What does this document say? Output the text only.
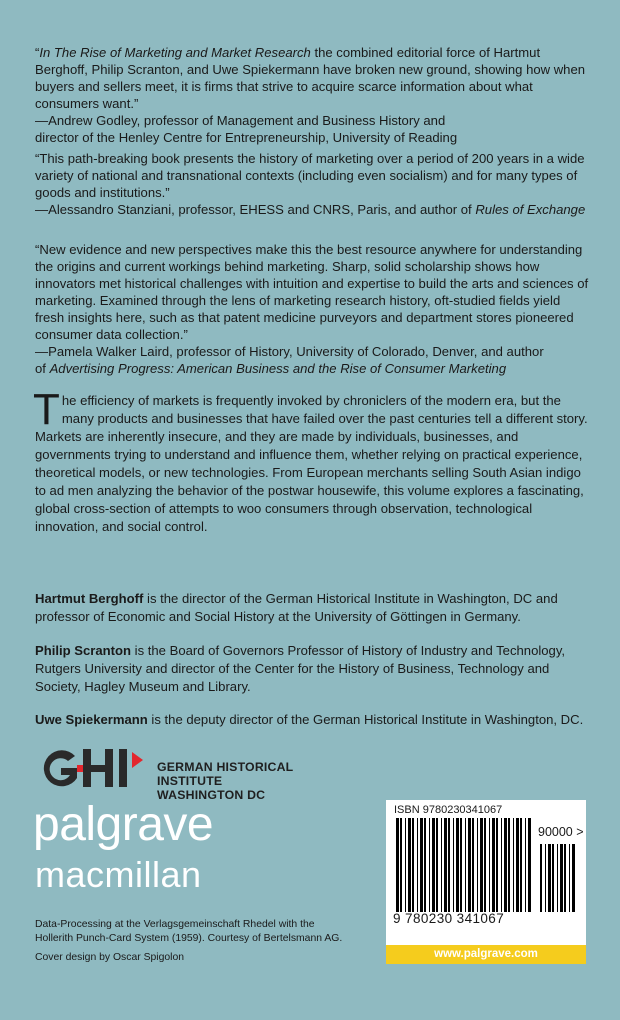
“In The Rise of Marketing and Market Research the combined editorial force of Hartmut Berghoff, Philip Scranton, and Uwe Spiekermann have broken new ground, showing how when buyers and sellers meet, it is firms that strive to acquire scarce information about what consumers want.”

—Andrew Godley, professor of Management and Business History and

director of the Henley Centre for Entrepreneurship, University of Reading

“This path-breaking book presents the history of marketing over a period of 200 years in a wide variety of national and transnational contexts (including even socialism) and for many types of goods and institutions.”

—Alessandro Stanziani, professor, EHESS and CNRS, Paris, and author of Rules of Exchange

“New evidence and new perspectives make this the best resource anywhere for understanding the origins and current workings behind marketing. Sharp, solid scholarship shows how innovators met historical challenges with intuition and expertise to build the arts and sciences of marketing. Examined through the lens of marketing research history, oft-studied fields yield fresh insights here, such as that patent medicine purveyors and department stores pioneered consumer data collection.”

—Pamela Walker Laird, professor of History, University of Colorado, Denver, and author

of Advertising Progress: American Business and the Rise of Consumer Marketing

The efficiency of markets is frequently invoked by chroniclers of the modern era, but the many products and businesses that have failed over the past centuries tell a different story. Markets are inherently insecure, and they are made by individuals, businesses, and governments trying to understand and influence them, whether relying on practical experience, theoretical models, or new technologies. From European merchants selling South Asian indigo to ad men analyzing the behavior of the postwar housewife, this volume explores a fascinating, global cross-section of attempts to woo consumers through observation, technological innovation, and social control.

Hartmut Berghoff is the director of the German Historical Institute in Washington, DC and professor of Economic and Social History at the University of Göttingen in Germany.

Philip Scranton is the Board of Governors Professor of History of Industry and Technology, Rutgers University and director of the Center for the History of Business, Technology and Society, Hagley Museum and Library.

Uwe Spiekermann is the deputy director of the German Historical Institute in Washington, DC.

GERMAN HISTORICAL INSTITUTE
WASHINGTON DC
palgrave
macmillan

Data-Processing at the Verlagsgemeinschaft Rhedel with the Hollerith Punch-Card System (1959). Courtesy of Bertelsmann AG.

Cover design by Oscar Spigolon

ISBN 9780230341067
90000 >
9 780230 341067
www.palgrave.com
